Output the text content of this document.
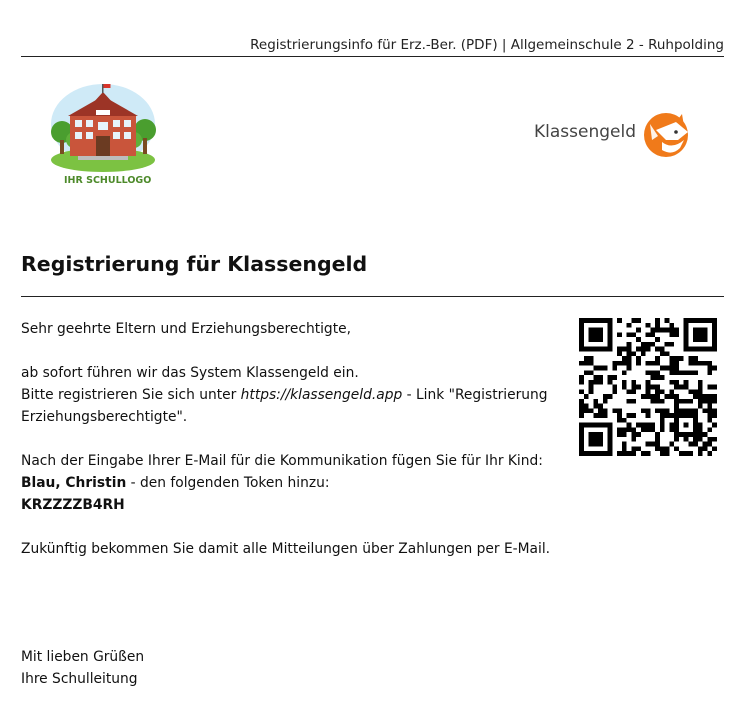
Registrierungsinfo für Erz.-Ber. (PDF) | Allgemeinschule 2 - Ruhpolding
IHR SCHULLOGO
Klassengeld
Registrierung für Klassengeld

Sehr geehrte Eltern und Erziehungsberechtigte,

ab sofort führen wir das System Klassengeld ein.

Bitte registrieren Sie sich unter https://klassengeld.app - Link "Registrierung

Erziehungsberechtigte".

Nach der Eingabe Ihrer E-Mail für die Kommunikation fügen Sie für Ihr Kind:

Blau, Christin - den folgenden Token hinzu:

KRZZZZB4RH

Zukünftig bekommen Sie damit alle Mitteilungen über Zahlungen per E-Mail.

Mit lieben Grüßen

Ihre Schulleitung
